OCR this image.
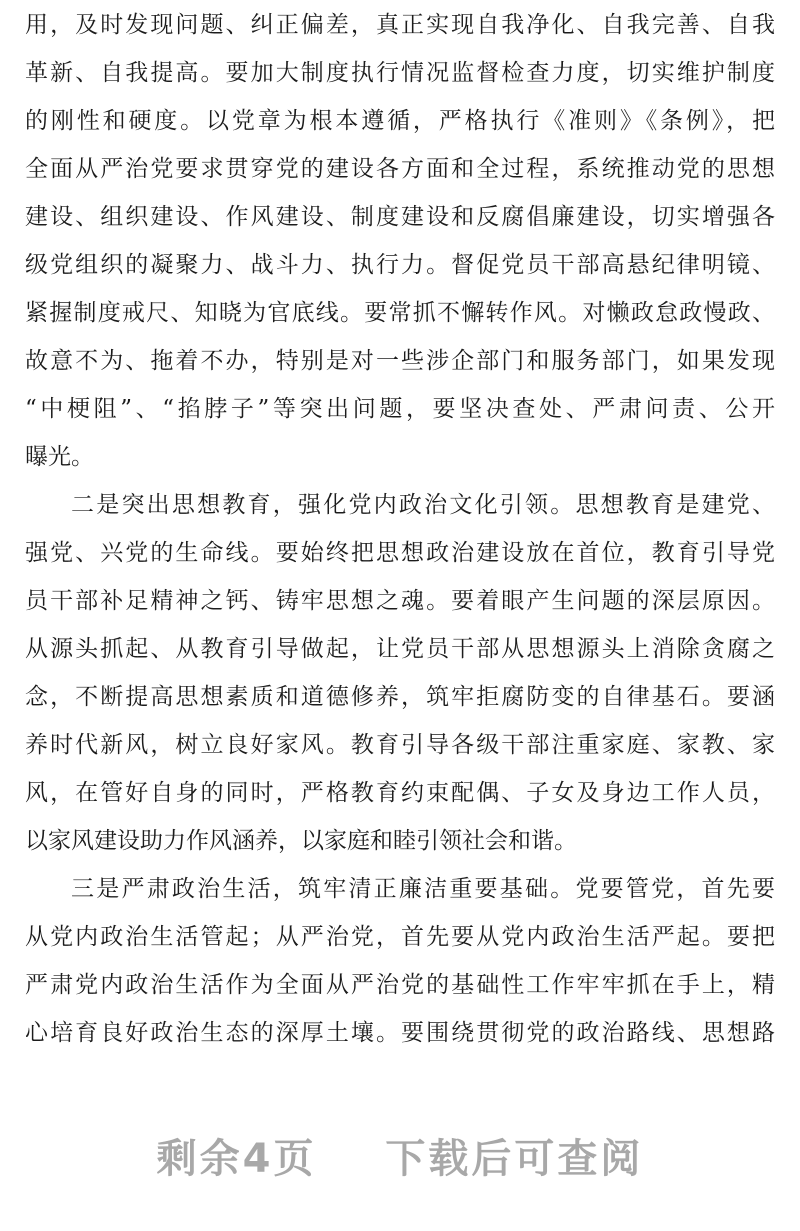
用，及时发现问题、纠正偏差，真正实现自我净化、自我完善、自我
革新、自我提高。要加大制度执行情况监督检查力度，切实维护制度
的刚性和硬度。以党章为根本遵循，严格执行《准则》《条例》，把
全面从严治党要求贯穿党的建设各方面和全过程，系统推动党的思想
建设、组织建设、作风建设、制度建设和反腐倡廉建设，切实增强各
级党组织的凝聚力、战斗力、执行力。督促党员干部高悬纪律明镜、
紧握制度戒尺、知晓为官底线。要常抓不懈转作风。对懒政怠政慢政、
故意不为、拖着不办，特别是对一些涉企部门和服务部门，如果发现
“中梗阻”、“掐脖子”等突出问题，要坚决查处、严肃问责、公开
曝光。
二是突出思想教育，强化党内政治文化引领。思想教育是建党、
强党、兴党的生命线。要始终把思想政治建设放在首位，教育引导党
员干部补足精神之钙、铸牢思想之魂。要着眼产生问题的深层原因。
从源头抓起、从教育引导做起，让党员干部从思想源头上消除贪腐之
念，不断提高思想素质和道德修养，筑牢拒腐防变的自律基石。要涵
养时代新风，树立良好家风。教育引导各级干部注重家庭、家教、家
风，在管好自身的同时，严格教育约束配偶、子女及身边工作人员，
以家风建设助力作风涵养，以家庭和睦引领社会和谐。
三是严肃政治生活，筑牢清正廉洁重要基础。党要管党，首先要
从党内政治生活管起；从严治党，首先要从党内政治生活严起。要把
严肃党内政治生活作为全面从严治党的基础性工作牢牢抓在手上，精
心培育良好政治生态的深厚土壤。要围绕贯彻党的政治路线、思想路
剩余4页 下载后可查阅
